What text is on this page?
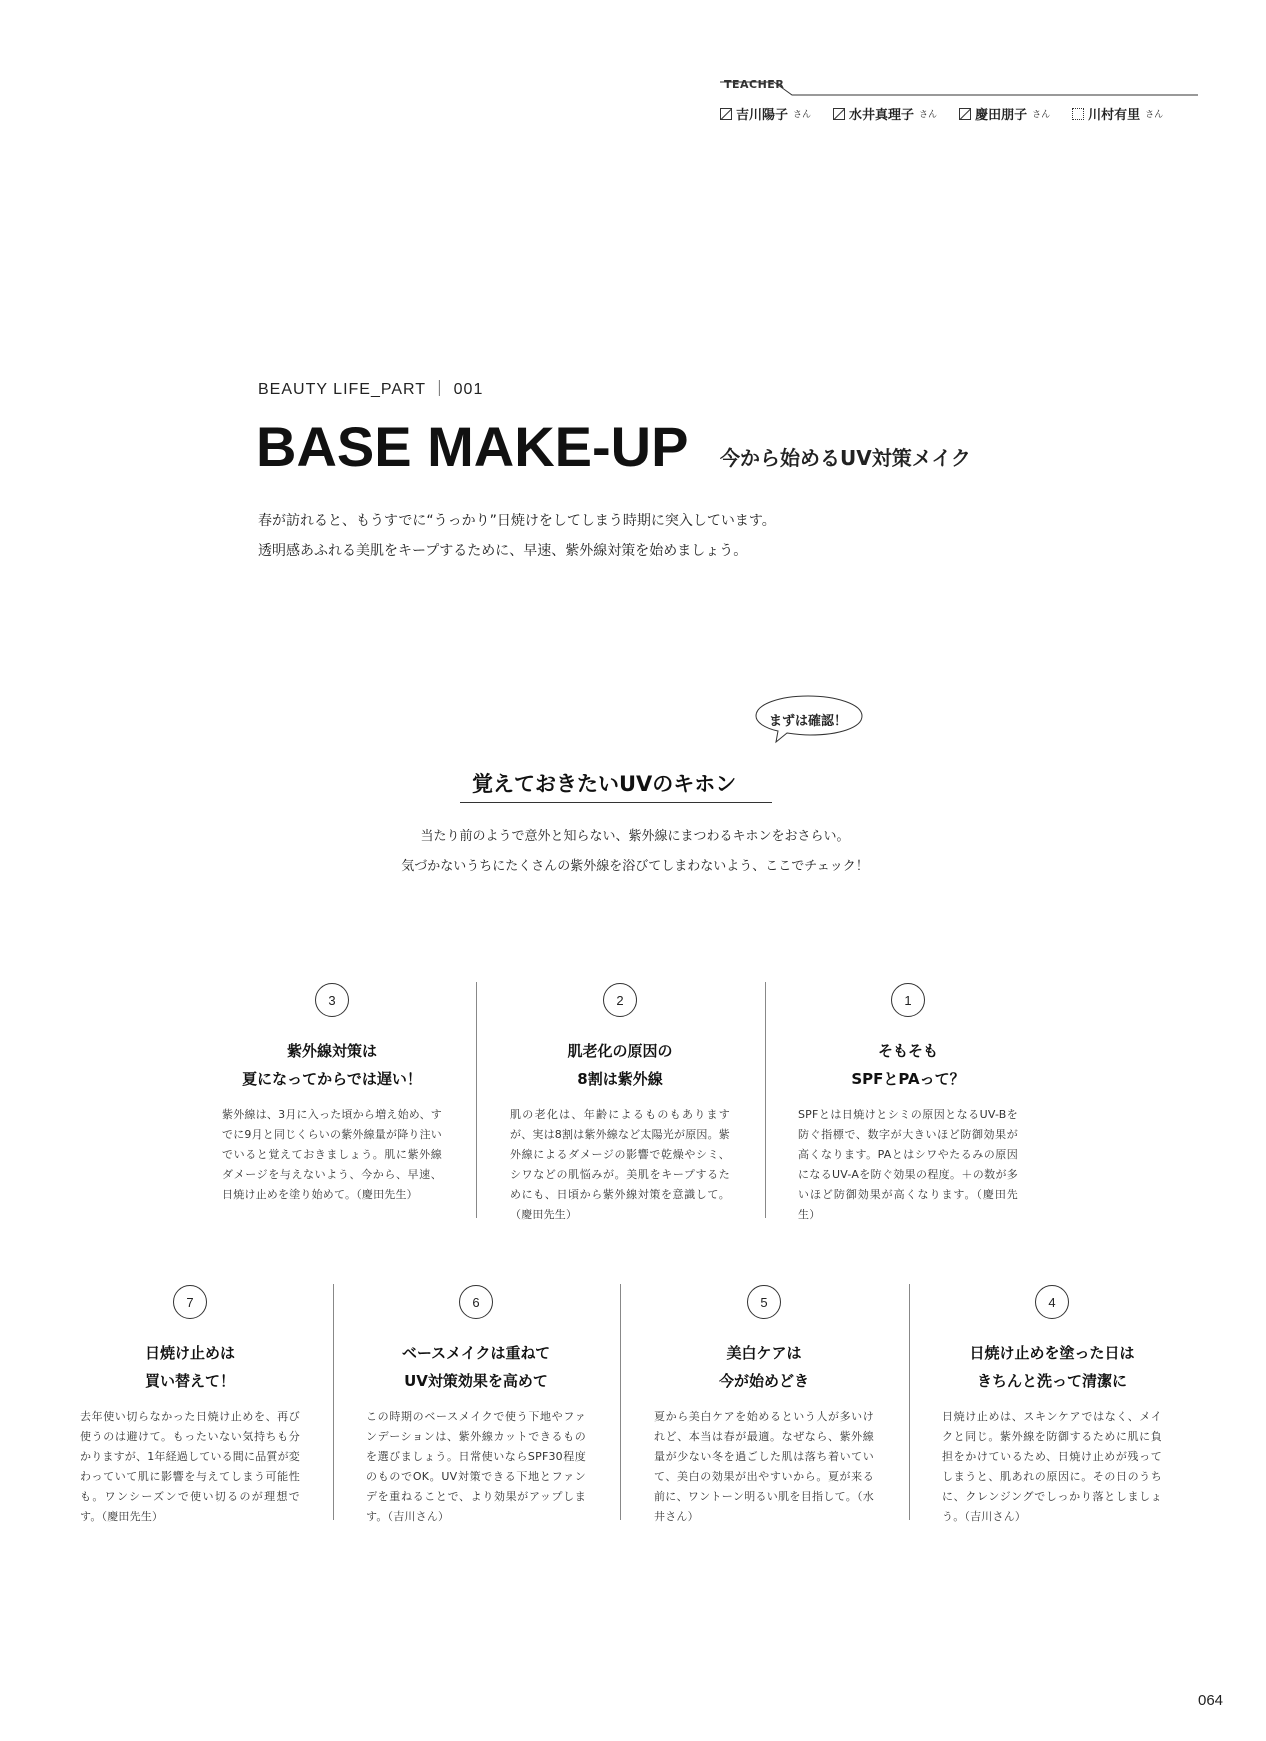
TEACHER
吉川陽子 さん	水井真理子 さん	慶田朋子 さん	川村有里 さん
BEAUTY LIFE_PART ｜ 001
BASE MAKE-UP 今から始めるUV対策メイク
春が訪れると、もうすでに“うっかり”日焼けをしてしまう時期に突入しています。
透明感あふれる美肌をキープするために、早速、紫外線対策を始めましょう。
まずは確認！
覚えておきたいUVのキホン
当たり前のようで意外と知らない、紫外線にまつわるキホンをおさらい。
気づかないうちにたくさんの紫外線を浴びてしまわないよう、ここでチェック！
3
紫外線対策は
夏になってからでは遅い！
紫外線は、3月に入った頃から増え始め、すでに9月と同じくらいの紫外線量が降り注いでいると覚えておきましょう。肌に紫外線ダメージを与えないよう、今から、早速、日焼け止めを塗り始めて。（慶田先生）
2
肌老化の原因の
8割は紫外線
肌の老化は、年齢によるものもありますが、実は8割は紫外線など太陽光が原因。紫外線によるダメージの影響で乾燥やシミ、シワなどの肌悩みが。美肌をキープするためにも、日頃から紫外線対策を意識して。（慶田先生）
1
そもそも
SPFとPAって？
SPFとは日焼けとシミの原因となるUV-Bを防ぐ指標で、数字が大きいほど防御効果が高くなります。PAとはシワやたるみの原因になるUV-Aを防ぐ効果の程度。＋の数が多いほど防御効果が高くなります。（慶田先生）
7
日焼け止めは
買い替えて！
去年使い切らなかった日焼け止めを、再び使うのは避けて。もったいない気持ちも分かりますが、1年経過している間に品質が変わっていて肌に影響を与えてしまう可能性も。ワンシーズンで使い切るのが理想です。（慶田先生）
6
ベースメイクは重ねて
UV対策効果を高めて
この時期のベースメイクで使う下地やファンデーションは、紫外線カットできるものを選びましょう。日常使いならSPF30程度のものでOK。UV対策できる下地とファンデを重ねることで、より効果がアップします。（吉川さん）
5
美白ケアは
今が始めどき
夏から美白ケアを始めるという人が多いけれど、本当は春が最適。なぜなら、紫外線量が少ない冬を過ごした肌は落ち着いていて、美白の効果が出やすいから。夏が来る前に、ワントーン明るい肌を目指して。（水井さん）
4
日焼け止めを塗った日は
きちんと洗って清潔に
日焼け止めは、スキンケアではなく、メイクと同じ。紫外線を防御するために肌に負担をかけているため、日焼け止めが残ってしまうと、肌あれの原因に。その日のうちに、クレンジングでしっかり落としましょう。（吉川さん）
064
